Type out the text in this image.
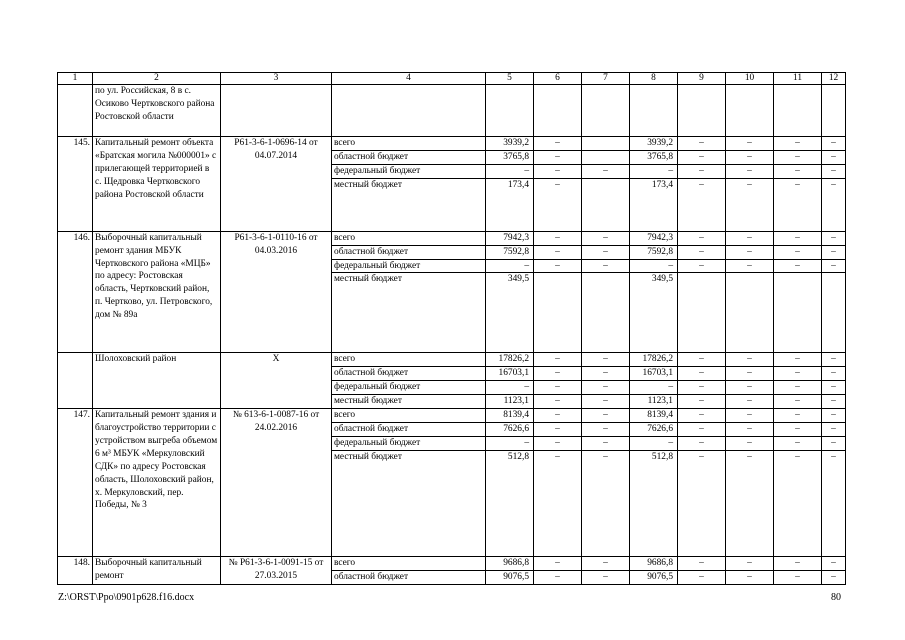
1	2	3	4	5	6	7	8	9	10	11	12
	по ул. Российская, 8 в с. Осиково Чертковского района Ростовской области										
145.	Капитальный ремонт объекта «Братская могила №000001» с прилегающей территорией в с. Щедровка Чертковского района Ростовской области	Р61-3-6-1-0696-14 от 04.07.2014	всего	3939,2	–		3939,2	–	–	–	–
			областной бюджет	3765,8	–		3765,8	–	–	–	–
			федеральный бюджет	–	–	–	–	–	–	–	–
			местный бюджет	173,4	–		173,4	–	–	–	–
146.	Выборочный капитальный ремонт здания МБУК Чертковского района «МЦБ» по адресу: Ростовская область, Чертковский район, п. Чертково, ул. Петровского, дом № 89а	Р61-3-6-1-0110-16 от 04.03.2016	всего	7942,3	–	–	7942,3	–	–	–	–
			областной бюджет	7592,8	–	–	7592,8	–	–	–	–
			федеральный бюджет	–	–	–	–	–	–	–	–
			местный бюджет	349,5			349,5				
	Шолоховский район	Х	всего	17826,2	–	–	17826,2	–	–	–	–
			областной бюджет	16703,1	–	–	16703,1	–	–	–	–
			федеральный бюджет	–	–	–	–	–	–	–	–
			местный бюджет	1123,1	–	–	1123,1	–	–	–	–
147.	Капитальный ремонт здания и благоустройство территории с устройством выгреба объемом 6 м³ МБУК «Меркуловский СДК» по адресу Ростовская область, Шолоховский район, х. Меркуловский, пер. Победы, № 3	№ 613-6-1-0087-16 от 24.02.2016	всего	8139,4	–	–	8139,4	–	–	–	–
			областной бюджет	7626,6	–	–	7626,6	–	–	–	–
			федеральный бюджет	–	–	–	–	–	–	–	–
			местный бюджет	512,8	–	–	512,8	–	–	–	–
148.	Выборочный капитальный ремонт	№ Р61-3-6-1-0091-15 от 27.03.2015	всего	9686,8	–	–	9686,8	–	–	–	–
			областной бюджет	9076,5	–	–	9076,5	–	–	–	–
Z:\ORST\Ppo\0901p628.f16.docx	80
